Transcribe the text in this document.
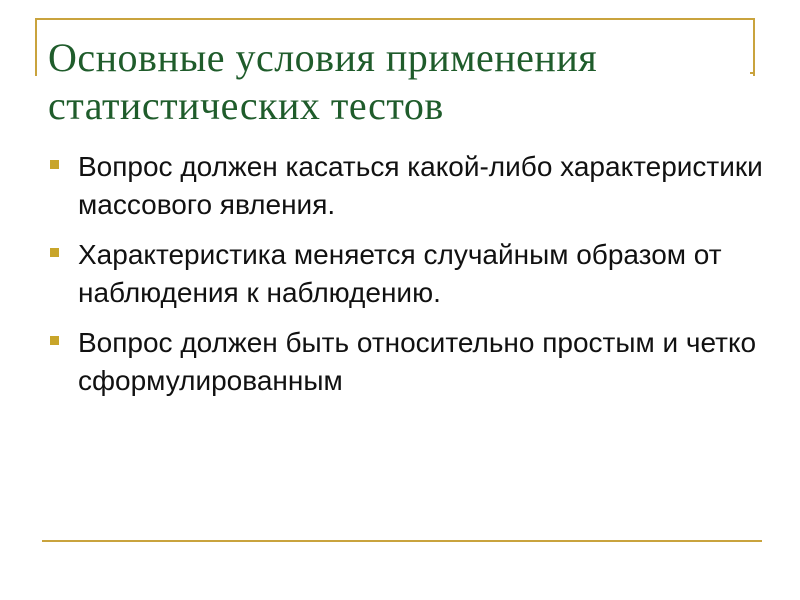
Основные условия применения статистических тестов
Вопрос должен касаться какой-либо характеристики массового явления.
Характеристика меняется случайным образом от наблюдения к наблюдению.
Вопрос должен быть относительно простым и четко сформулированным
